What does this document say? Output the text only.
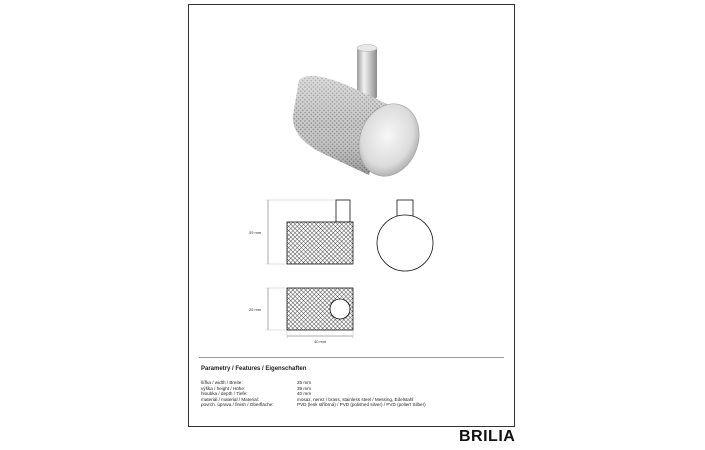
39 mm
25 mm
40 mm
Parametry / Features / Eigenschaften
šířka / width / Breite:	25 mm
výška / height / Höhe:	39 mm
hloubka / depth / Tiefe:	40 mm
materiál / material / Material:	mosaz, nerez / brass, stainless steel / Messing, Edelstahl
povrch. úprava / finish / Oberfläche:	PVD (lesk stříbrná) / PVD (polished silver) / PVD (poliert Silber)
BRILIA
